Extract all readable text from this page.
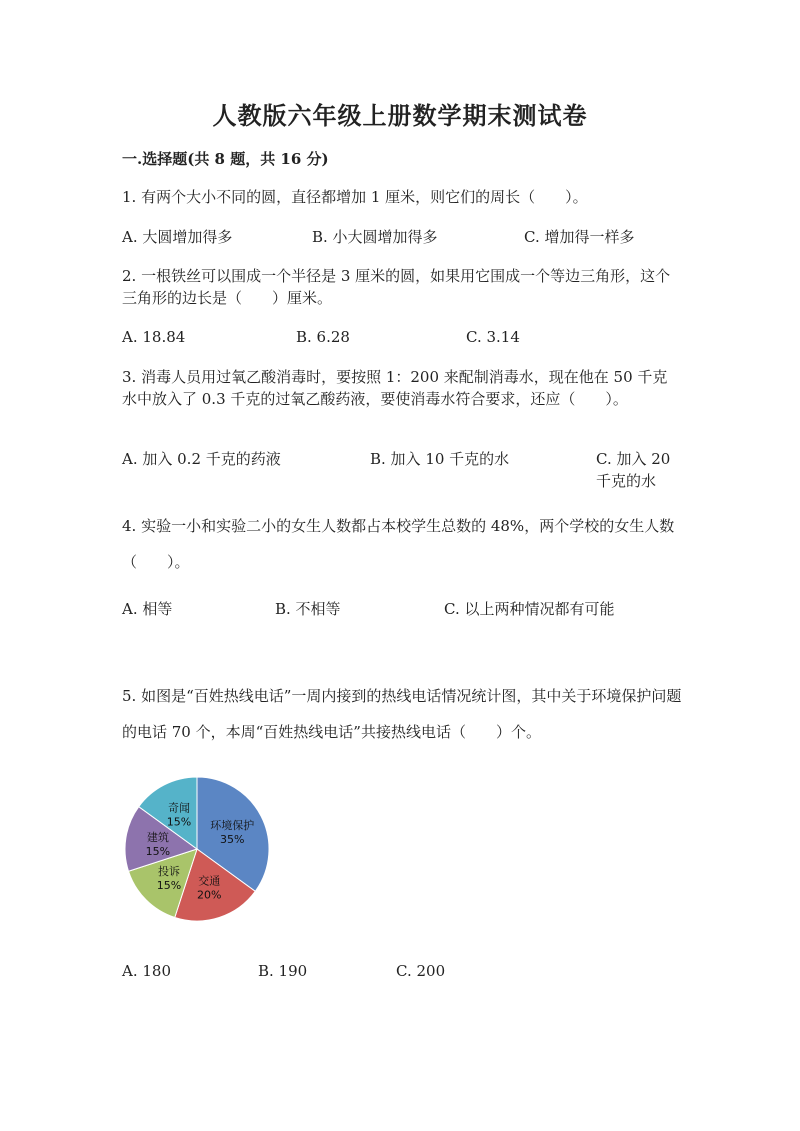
人教版六年级上册数学期末测试卷
一.选择题(共 8 题，共 16 分)
1. 有两个大小不同的圆，直径都增加 1 厘米，则它们的周长（　　）。
A. 大圆增加得多	B. 小大圆增加得多	C. 增加得一样多
2. 一根铁丝可以围成一个半径是 3 厘米的圆，如果用它围成一个等边三角形，这个三角形的边长是（　　）厘米。
A. 18.84	B. 6.28	C. 3.14
3. 消毒人员用过氧乙酸消毒时，要按照 1：200 来配制消毒水，现在他在 50 千克水中放入了 0.3 千克的过氧乙酸药液，要使消毒水符合要求，还应（　　）。
A. 加入 0.2 千克的药液	B. 加入 10 千克的水	C. 加入 20 千克的水
4. 实验一小和实验二小的女生人数都占本校学生总数的 48%，两个学校的女生人数（　　）。
A. 相等	B. 不相等	C. 以上两种情况都有可能
5. 如图是“百姓热线电话”一周内接到的热线电话情况统计图，其中关于环境保护问题的电话 70 个，本周“百姓热线电话”共接热线电话（　　）个。
环境保护
35%
交通
20%
投诉
15%
建筑
15%
奇闻
15%
A. 180	B. 190	C. 200
